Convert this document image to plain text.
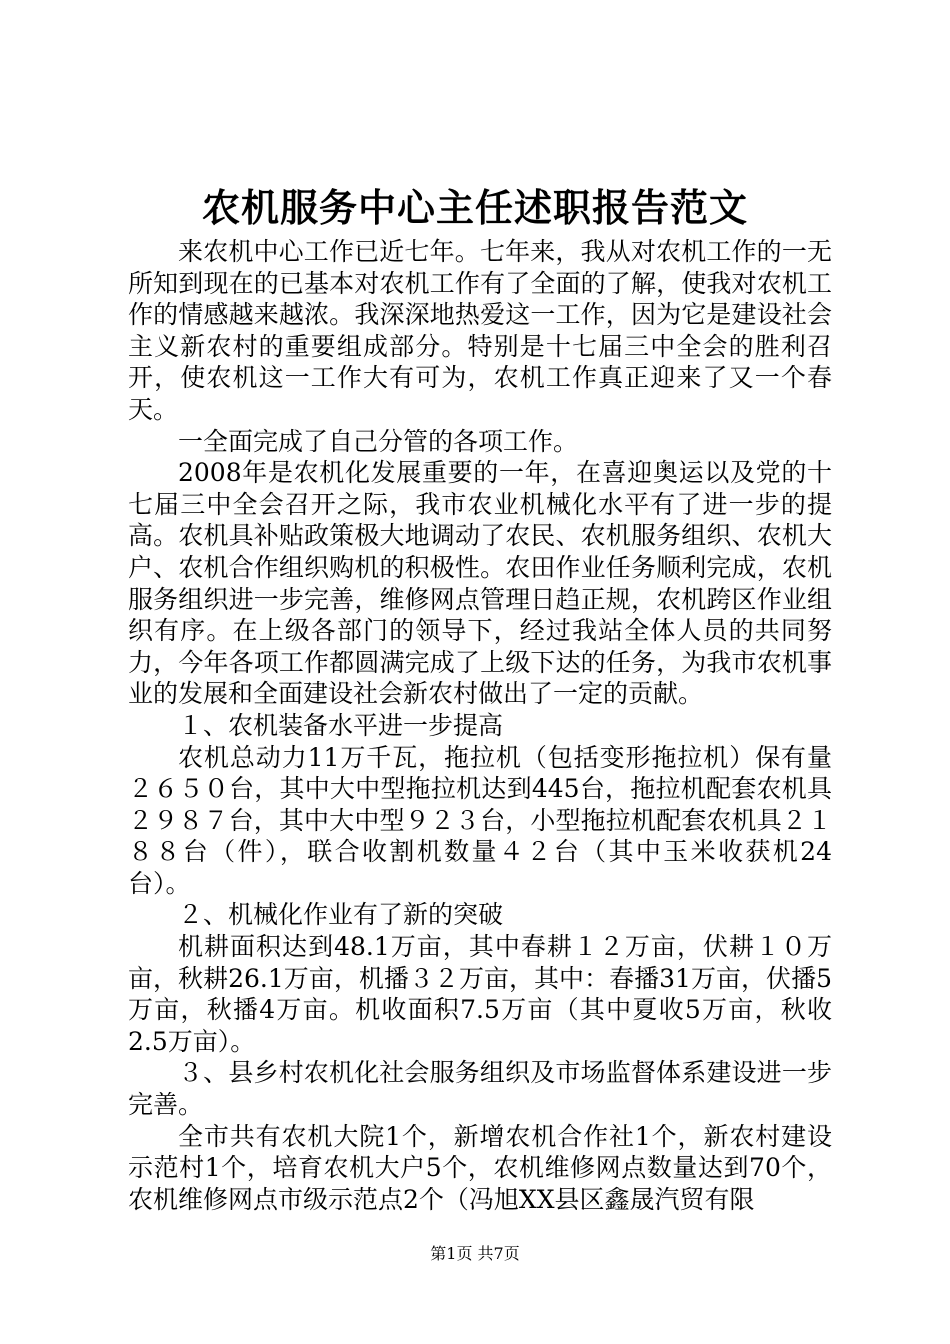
农机服务中心主任述职报告范文

来农机中心工作已近七年。七年来，我从对农机工作的一无所知到现在的已基本对农机工作有了全面的了解，使我对农机工作的情感越来越浓。我深深地热爱这一工作，因为它是建设社会主义新农村的重要组成部分。特别是十七届三中全会的胜利召开，使农机这一工作大有可为，农机工作真正迎来了又一个春天。

一全面完成了自己分管的各项工作。

2008年是农机化发展重要的一年，在喜迎奥运以及党的十七届三中全会召开之际，我市农业机械化水平有了进一步的提高。农机具补贴政策极大地调动了农民、农机服务组织、农机大户、农机合作组织购机的积极性。农田作业任务顺利完成，农机服务组织进一步完善，维修网点管理日趋正规，农机跨区作业组织有序。在上级各部门的领导下，经过我站全体人员的共同努力，今年各项工作都圆满完成了上级下达的任务，为我市农机事业的发展和全面建设社会新农村做出了一定的贡献。

１、农机装备水平进一步提高

农机总动力11万千瓦，拖拉机（包括变形拖拉机）保有量２６５０台，其中大中型拖拉机达到445台，拖拉机配套农机具２９８７台，其中大中型９２３台，小型拖拉机配套农机具２１８８台（件），联合收割机数量４２台（其中玉米收获机24台）。

２、机械化作业有了新的突破

机耕面积达到48.1万亩，其中春耕１２万亩，伏耕１０万亩，秋耕26.1万亩，机播３２万亩，其中：春播31万亩，伏播5万亩，秋播4万亩。机收面积7.5万亩（其中夏收5万亩，秋收2.5万亩）。

３、县乡村农机化社会服务组织及市场监督体系建设进一步完善。

全市共有农机大院1个，新增农机合作社1个，新农村建设示范村1个，培育农机大户5个，农机维修网点数量达到70个，农机维修网点市级示范点2个（冯旭XX县区鑫晟汽贸有限

第1页 共7页
